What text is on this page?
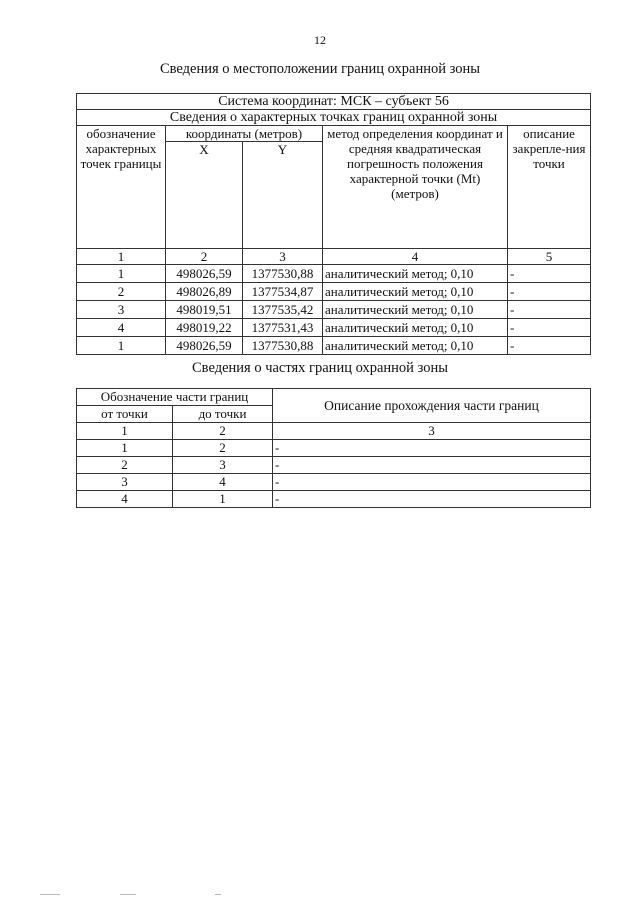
12
Сведения о местоположении границ охранной зоны
Система координат: МСК – субъект 56				
Сведения о характерных точках границ охранной зоны				
обозначение характерных точек границы	координаты (метров)		метод определения координат и средняя квадратическая погрешность положения характерной точки (Mt) (метров)	описание закрепле-ния точки
	X	Y		
1	2	3	4	5
1	498026,59	1377530,88	аналитический метод; 0,10	-
2	498026,89	1377534,87	аналитический метод; 0,10	-
3	498019,51	1377535,42	аналитический метод; 0,10	-
4	498019,22	1377531,43	аналитический метод; 0,10	-
1	498026,59	1377530,88	аналитический метод; 0,10	-
Сведения о частях границ охранной зоны
Обозначение части границ		Описание прохождения части границ
от точки	до точки	
1	2	3
1	2	-
2	3	-
3	4	-
4	1	-
